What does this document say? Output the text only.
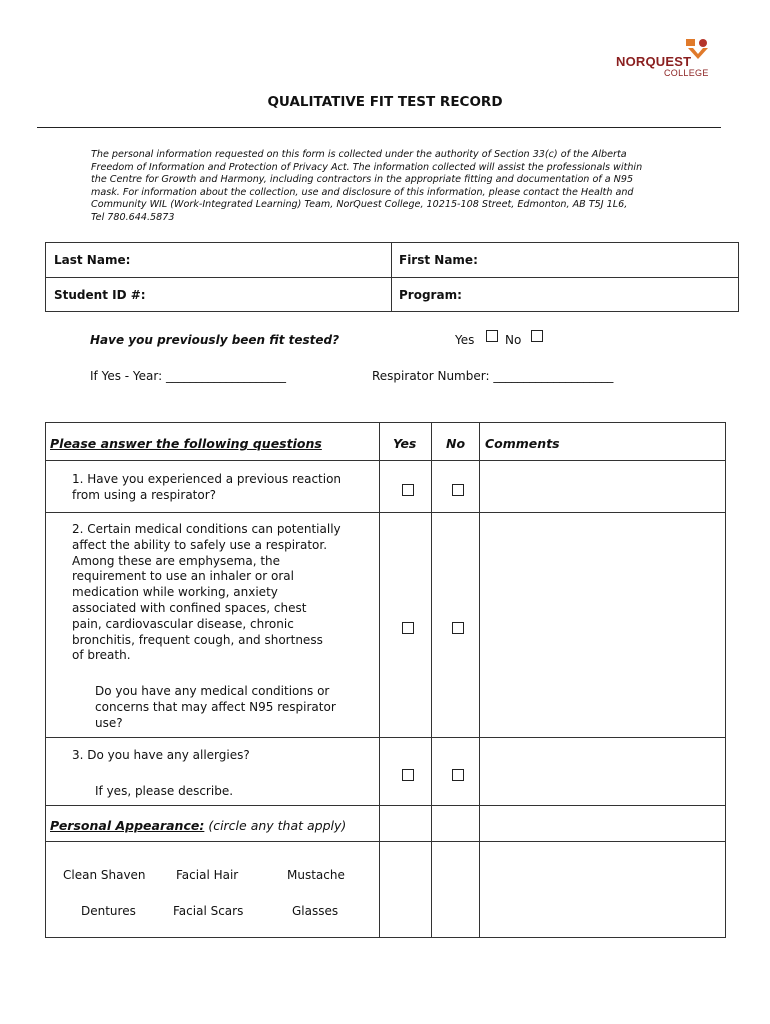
NORQUEST
COLLEGE
QUALITATIVE FIT TEST RECORD
The personal information requested on this form is collected under the authority of Section 33(c) of the Alberta
Freedom of Information and Protection of Privacy Act. The information collected will assist the professionals within
the Centre for Growth and Harmony, including contractors in the appropriate fitting and documentation of a N95
mask. For information about the collection, use and disclosure of this information, please contact the Health and
Community WIL (Work-Integrated Learning) Team, NorQuest College, 10215-108 Street, Edmonton, AB T5J 1L6,
Tel 780.644.5873
Last Name:	First Name:
Student ID #:	Program:
Have you previously been fit tested?	Yes	No
If Yes - Year: ____________________	Respirator Number: ____________________
Please answer the following questions	Yes No Comments
1. Have you experienced a previous reaction
from using a respirator?
2. Certain medical conditions can potentially
affect the ability to safely use a respirator.
Among these are emphysema, the
requirement to use an inhaler or oral
medication while working, anxiety
associated with confined spaces, chest
pain, cardiovascular disease, chronic
bronchitis, frequent cough, and shortness
of breath.
Do you have any medical conditions or
concerns that may affect N95 respirator
use?
3. Do you have any allergies?
If yes, please describe.
Personal Appearance: (circle any that apply)
Clean Shaven	Facial Hair	Mustache
Dentures	Facial Scars	Glasses
